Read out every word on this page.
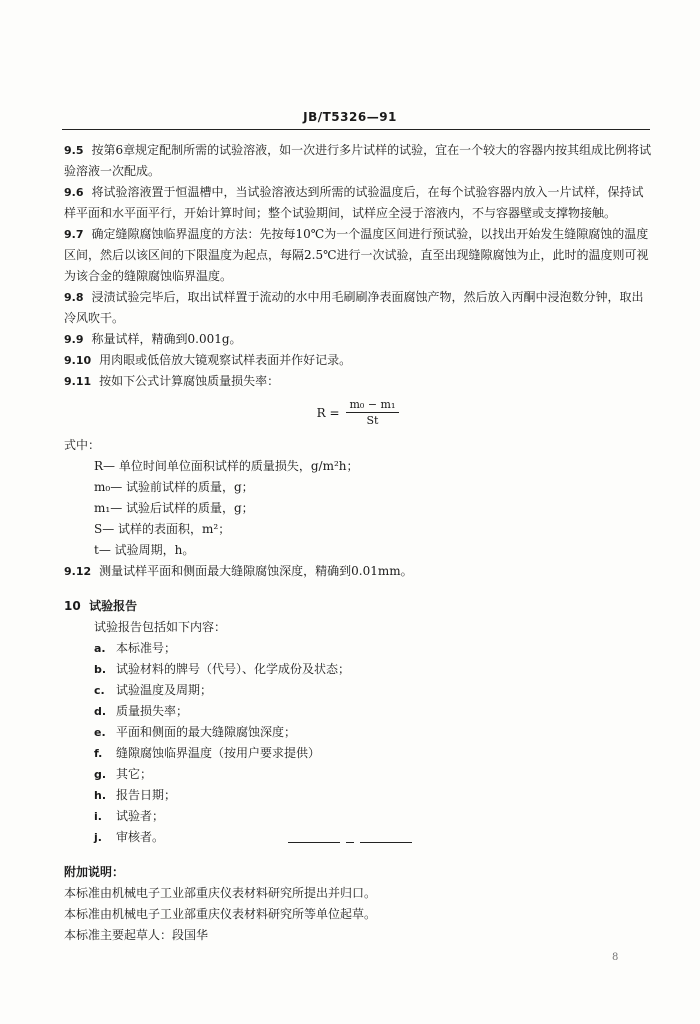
JB/T5326—91

9.5 按第6章规定配制所需的试验溶液，如一次进行多片试样的试验，宜在一个较大的容器内按其组成比例将试验溶液一次配成。

9.6 将试验溶液置于恒温槽中，当试验溶液达到所需的试验温度后，在每个试验容器内放入一片试样，保持试样平面和水平面平行，开始计算时间；整个试验期间，试样应全浸于溶液内，不与容器壁或支撑物接触。

9.7 确定缝隙腐蚀临界温度的方法：先按每10℃为一个温度区间进行预试验，以找出开始发生缝隙腐蚀的温度区间，然后以该区间的下限温度为起点，每隔2.5℃进行一次试验，直至出现缝隙腐蚀为止，此时的温度则可视为该合金的缝隙腐蚀临界温度。

9.8 浸渍试验完毕后，取出试样置于流动的水中用毛刷刷净表面腐蚀产物，然后放入丙酮中浸泡数分钟，取出冷风吹干。

9.9 称量试样，精确到0.001g。

9.10 用肉眼或低倍放大镜观察试样表面并作好记录。

9.11 按如下公式计算腐蚀质量损失率：

$R = \frac{\text{m₀ − m₁}}{St}$
式中：
R— 单位时间单位面积试样的质量损失，g/m²h；
m₀— 试验前试样的质量，g；
m₁— 试验后试样的质量，g；
S— 试样的表面积，m²；
t— 试验周期，h。

9.12 测量试样平面和侧面最大缝隙腐蚀深度，精确到0.01mm。

10 试验报告
试验报告包括如下内容：
a. 本标准号；
b. 试验材料的牌号（代号）、化学成份及状态；
c. 试验温度及周期；
d. 质量损失率；
e. 平面和侧面的最大缝隙腐蚀深度；
f. 缝隙腐蚀临界温度（按用户要求提供）
g. 其它；
h. 报告日期；
i. 试验者；
j. 审核者。
附加说明：
本标准由机械电子工业部重庆仪表材料研究所提出并归口。
本标准由机械电子工业部重庆仪表材料研究所等单位起草。
本标准主要起草人：段国华
8
